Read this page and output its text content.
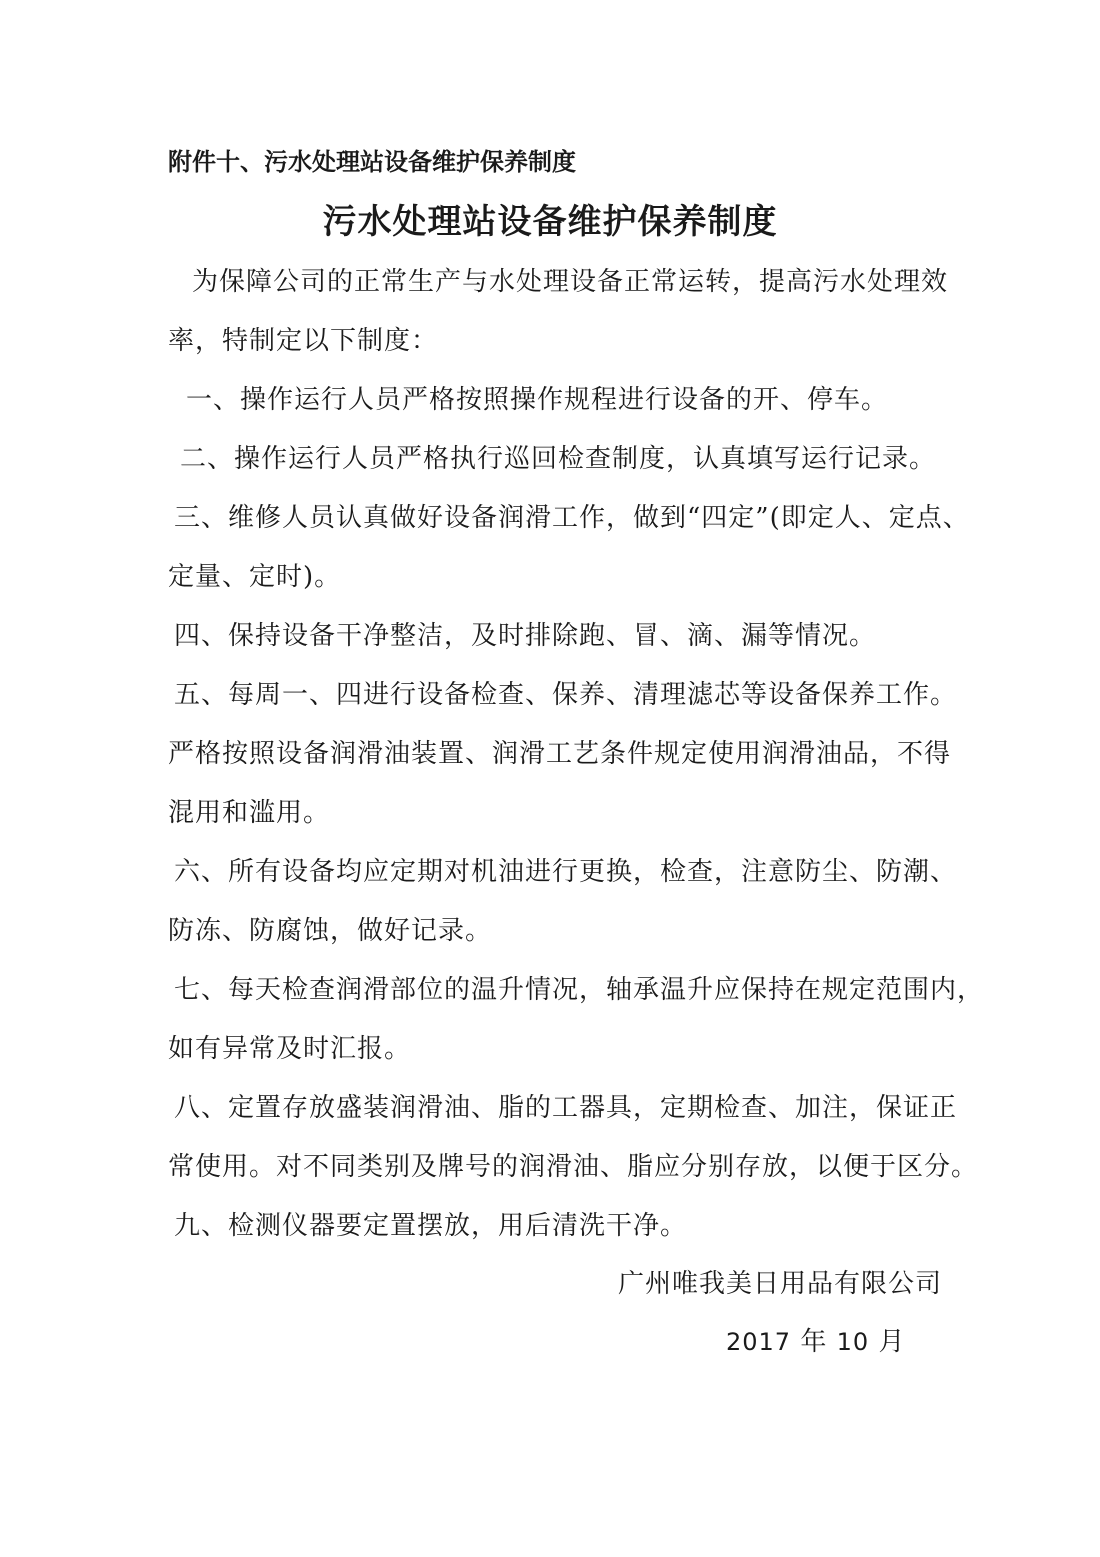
附件十、污水处理站设备维护保养制度
污水处理站设备维护保养制度
为保障公司的正常生产与水处理设备正常运转，提高污水处理效
率，特制定以下制度：
一、操作运行人员严格按照操作规程进行设备的开、停车。
二、操作运行人员严格执行巡回检查制度，认真填写运行记录。
三、维修人员认真做好设备润滑工作，做到“四定”(即定人、定点、
定量、定时)。
四、保持设备干净整洁，及时排除跑、冒、滴、漏等情况。
五、每周一、四进行设备检查、保养、清理滤芯等设备保养工作。
严格按照设备润滑油装置、润滑工艺条件规定使用润滑油品，不得
混用和滥用。
六、所有设备均应定期对机油进行更换，检查，注意防尘、防潮、
防冻、防腐蚀，做好记录。
七、每天检查润滑部位的温升情况，轴承温升应保持在规定范围内，
如有异常及时汇报。
八、定置存放盛装润滑油、脂的工器具，定期检查、加注，保证正
常使用。对不同类别及牌号的润滑油、脂应分别存放，以便于区分。
九、检测仪器要定置摆放，用后清洗干净。
广州唯我美日用品有限公司
2017 年 10 月
